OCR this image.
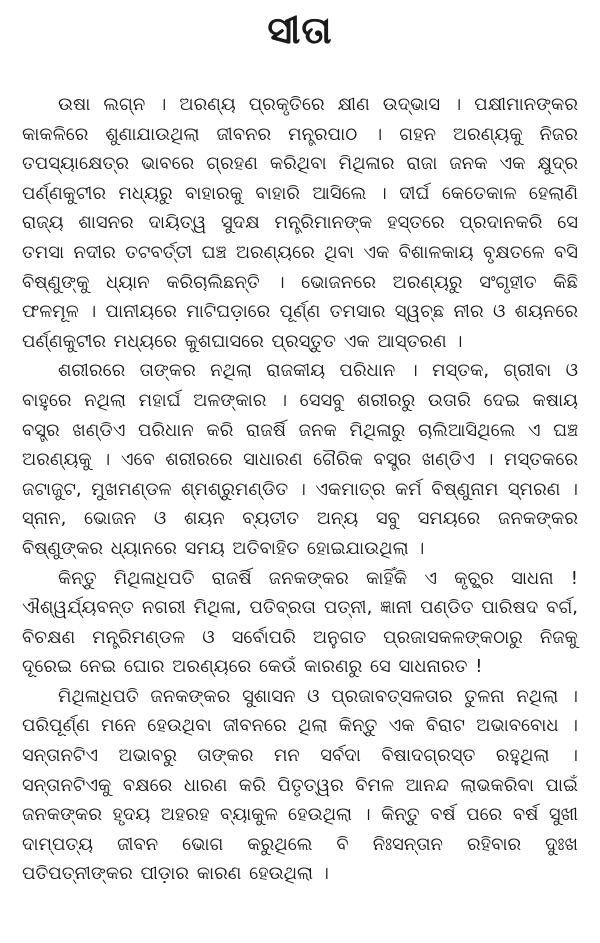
ସୀତା

ଉଷା ଲଗ୍ନ । ଅରଣ୍ୟ ପ୍ରକୃତିରେ କ୍ଷୀଣ ଉଦ୍‌ଭାସ । ପକ୍ଷୀମାନଙ୍କର କାକଳିରେ ଶୁଣାଯାଉଥିଲା ଜୀବନର ମନ୍ତ୍ରପାଠ । ଗହନ ଅରଣ୍ୟକୁ ନିଜର ତପସ୍ୟାକ୍ଷେତ୍ର ଭାବରେ ଗ୍ରହଣ କରିଥିବା ମିଥିଳାର ରାଜା ଜନକ ଏକ କ୍ଷୁଦ୍ର ପର୍ଣ୍ଣକୁଟୀର ମଧ୍ୟରୁ ବାହାରକୁ ବାହାରି ଆସିଲେ । ଦୀର୍ଘ କେତେକାଳ ହେଲାଣି ରାଜ୍ୟ ଶାସନର ଦାୟିତ୍ୱ ସୁଦକ୍ଷ ମନ୍ତ୍ରିମାନଙ୍କ ହସ୍ତରେ ପ୍ରଦାନକରି ସେ ତମସା ନଦୀର ତଟବର୍ତ୍ତୀ ଘଞ୍ଚ ଅରଣ୍ୟରେ ଥିବା ଏକ ବିଶାଳକାୟ ବୃକ୍ଷତଳେ ବସି ବିଷ୍ଣୁଙ୍କୁ ଧ୍ୟାନ କରିଚାଲିଛନ୍ତି । ଭୋଜନରେ ଅରଣ୍ୟରୁ ସଂଗୃହୀତ କିଛି ଫଳମୂଳ । ପାନୀୟରେ ମାଟିଘଡ଼ାରେ ପୂର୍ଣ୍ଣ ତମସାର ସ୍ୱଚ୍ଛ ନୀର ଓ ଶୟନରେ ପର୍ଣ୍ଣକୁଟୀର ମଧ୍ୟରେ କୁଶଘାସରେ ପ୍ରସ୍ତୁତ ଏକ ଆସ୍ତରଣ ।

ଶରୀରରେ ତାଙ୍କର ନଥିଲା ରାଜକୀୟ ପରିଧାନ । ମସ୍ତକ, ଗ୍ରୀବା ଓ ବାହୁରେ ନଥିଲା ମହାର୍ଘ ଅଳଙ୍କାର । ସେସବୁ ଶରୀରରୁ ଉତାରି ଦେଇ କଷାୟ ବସ୍ତ୍ର ଖଣ୍ଡିଏ ପରିଧାନ କରି ରାଜର୍ଷି ଜନକ ମିଥିଳାରୁ ଚାଲିଆସିଥିଲେ ଏ ଘଞ୍ଚ ଅରଣ୍ୟକୁ । ଏବେ ଶରୀରରେ ସାଧାରଣ ଗୈରିକ ବସ୍ତ୍ର ଖଣ୍ଡିଏ । ମସ୍ତକରେ ଜଟାଜୁଟ, ମୁଖମଣ୍ଡଳ ଶ୍ମଶ୍ରୁମଣ୍ଡିତ । ଏକମାତ୍ର କର୍ମ ବିଷ୍ଣୁନାମ ସ୍ମରଣ । ସ୍ନାନ, ଭୋଜନ ଓ ଶୟନ ବ୍ୟତୀତ ଅନ୍ୟ ସବୁ ସମୟରେ ଜନକଙ୍କର ବିଷ୍ଣୁଙ୍କର ଧ୍ୟାନରେ ସମୟ ଅତିବାହିତ ହୋଇଯାଉଥିଲା ।

କିନ୍ତୁ ମିଥିଳାଧିପତି ରାଜର୍ଷି ଜନକଙ୍କର କାହିଁକି ଏ କୃଚ୍ଛ୍ର ସାଧନା ! ଐଶ୍ୱର୍ଯ୍ୟବନ୍ତ ନଗରୀ ମିଥିଳା, ପତିବ୍ରତା ପତ୍ନୀ, ଜ୍ଞାନୀ ପଣ୍ଡିତ ପାରିଷଦ ବର୍ଗ, ବିଚକ୍ଷଣ ମନ୍ତ୍ରିମଣ୍ଡଳ ଓ ସର୍ବୋପରି ଅନୁଗତ ପ୍ରଜାସକଳଙ୍କଠାରୁ ନିଜକୁ ଦୂରେଇ ନେଇ ଘୋର ଅରଣ୍ୟରେ କେଉଁ କାରଣରୁ ସେ ସାଧନାରତ !

ମିଥିଳାଧିପତି ଜନକଙ୍କର ସୁଶାସନ ଓ ପ୍ରଜାବତ୍ସଳତାର ତୁଳନା ନଥିଲା । ପରିପୂର୍ଣ୍ଣ ମନେ ହେଉଥିବା ଜୀବନରେ ଥିଲା କିନ୍ତୁ ଏକ ବିରାଟ ଅଭାବବୋଧ । ସନ୍ତାନଟିଏ ଅଭାବରୁ ତାଙ୍କର ମନ ସର୍ବଦା ବିଷାଦଗ୍ରସ୍ତ ରହୁଥିଲା । ସନ୍ତାନଟିଏକୁ ବକ୍ଷରେ ଧାରଣ କରି ପିତୃତ୍ୱର ବିମଳ ଆନନ୍ଦ ଲାଭକରିବା ପାଇଁ ଜନକଙ୍କର ହୃଦୟ ଅହରହ ବ୍ୟାକୁଳ ହେଉଥିଲା । କିନ୍ତୁ ବର୍ଷ ପରେ ବର୍ଷ ସୁଖୀ ଦାମ୍ପତ୍ୟ ଜୀବନ ଭୋଗ କରୁଥିଲେ ବି ନିଃସନ୍ତାନ ରହିବାର ଦୁଃଖ ପତିପତ୍ନୀଙ୍କର ପୀଡ଼ାର କାରଣ ହେଉଥିଲା ।
